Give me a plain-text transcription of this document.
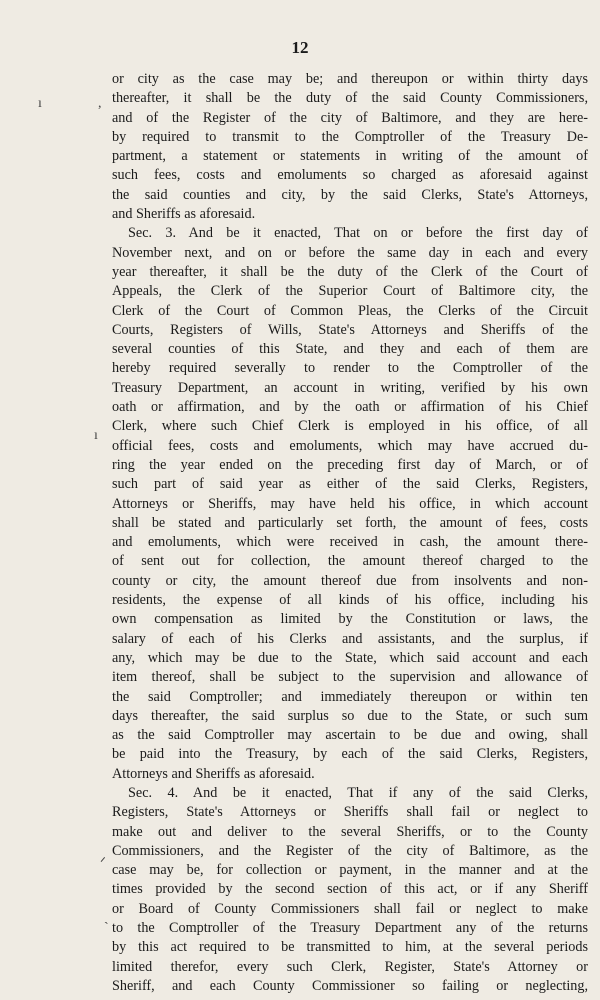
12
ı	,
ı
ᐟ
ˎ
or city as the case may be; and thereupon or within thirty days
thereafter, it shall be the duty of the said County Commissioners,
and of the Register of the city of Baltimore, and they are here-
by required to transmit to the Comptroller of the Treasury De-
partment, a statement or statements in writing of the amount of
such fees, costs and emoluments so charged as aforesaid against
the said counties and city, by the said Clerks, State's Attorneys,
and Sheriffs as aforesaid.
Sec. 3. And be it enacted, That on or before the first day of
November next, and on or before the same day in each and every
year thereafter, it shall be the duty of the Clerk of the Court of
Appeals, the Clerk of the Superior Court of Baltimore city, the
Clerk of the Court of Common Pleas, the Clerks of the Circuit
Courts, Registers of Wills, State's Attorneys and Sheriffs of the
several counties of this State, and they and each of them are
hereby required severally to render to the Comptroller of the
Treasury Department, an account in writing, verified by his own
oath or affirmation, and by the oath or affirmation of his Chief
Clerk, where such Chief Clerk is employed in his office, of all
official fees, costs and emoluments, which may have accrued du-
ring the year ended on the preceding first day of March, or of
such part of said year as either of the said Clerks, Registers,
Attorneys or Sheriffs, may have held his office, in which account
shall be stated and particularly set forth, the amount of fees, costs
and emoluments, which were received in cash, the amount there-
of sent out for collection, the amount thereof charged to the
county or city, the amount thereof due from insolvents and non-
residents, the expense of all kinds of his office, including his
own compensation as limited by the Constitution or laws, the
salary of each of his Clerks and assistants, and the surplus, if
any, which may be due to the State, which said account and each
item thereof, shall be subject to the supervision and allowance of
the said Comptroller; and immediately thereupon or within ten
days thereafter, the said surplus so due to the State, or such sum
as the said Comptroller may ascertain to be due and owing, shall
be paid into the Treasury, by each of the said Clerks, Registers,
Attorneys and Sheriffs as aforesaid.
Sec. 4. And be it enacted, That if any of the said Clerks,
Registers, State's Attorneys or Sheriffs shall fail or neglect to
make out and deliver to the several Sheriffs, or to the County
Commissioners, and the Register of the city of Baltimore, as the
case may be, for collection or payment, in the manner and at the
times provided by the second section of this act, or if any Sheriff
or Board of County Commissioners shall fail or neglect to make
to the Comptroller of the Treasury Department any of the returns
by this act required to be transmitted to him, at the several periods
limited therefor, every such Clerk, Register, State's Attorney or
Sheriff, and each County Commissioner so failing or neglecting,
